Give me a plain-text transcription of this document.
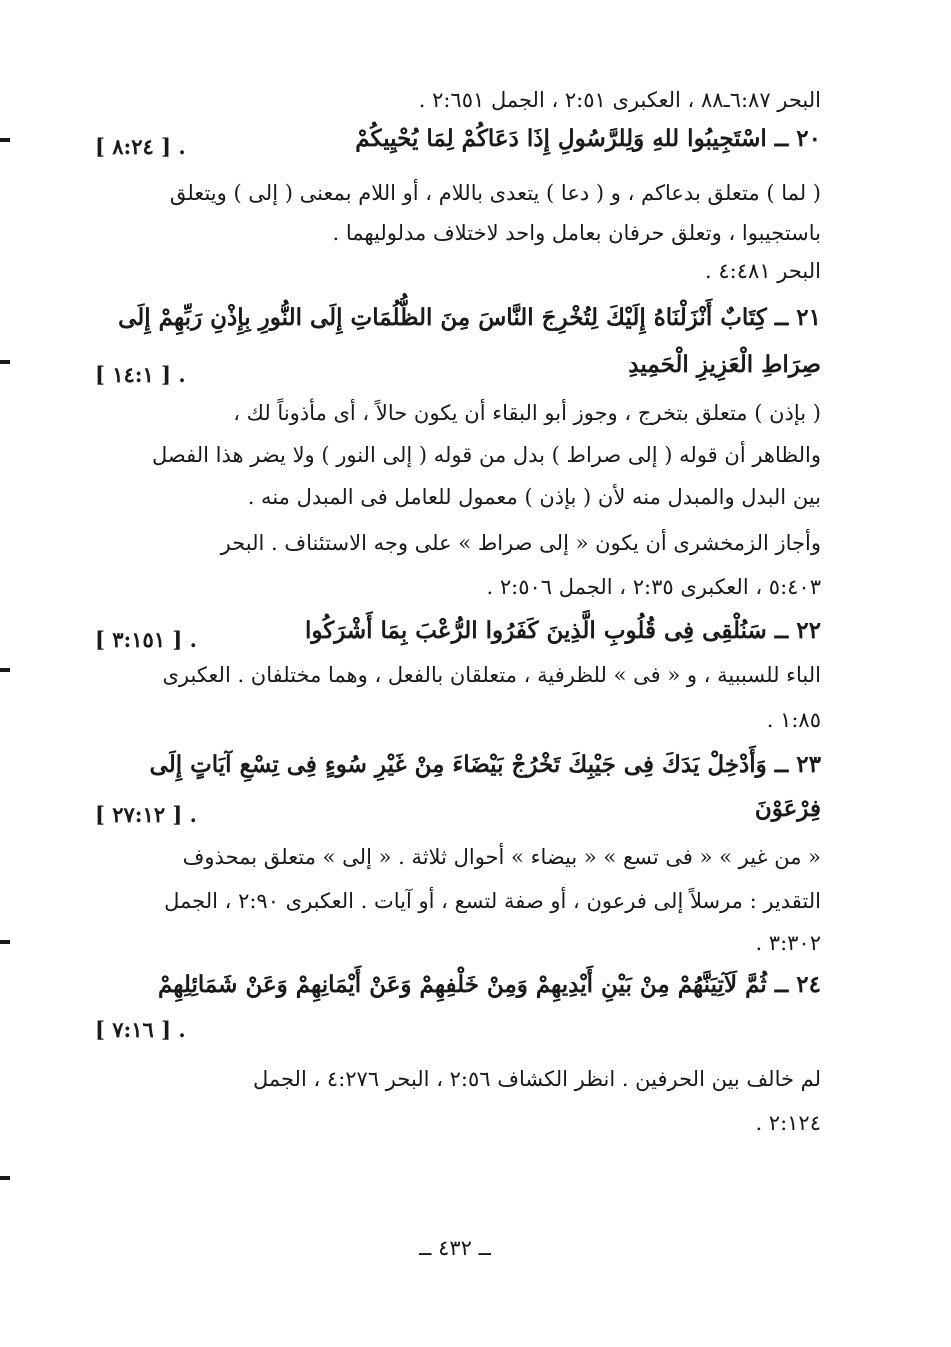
البحر ٦:٨٧ـ٨٨ ، العكبرى ٢:٥١ ، الجمل ٢:٦٥١ .
٢٠ ــ اسْتَجِيبُوا للهِ وَلِلرَّسُولِ إِذَا دَعَاكُمْ لِمَا يُحْيِيكُمْ
[ ٨:٢٤ ] .
( لما ) متعلق بدعاكم ، و ( دعا ) يتعدى باللام ، أو اللام بمعنى ( إلى ) ويتعلق
باستجيبوا ، وتعلق حرفان بعامل واحد لاختلاف مدلوليهما .
البحر ٤:٤٨١ .
٢١ ــ كِتَابٌ أَنْزَلْنَاهُ إِلَيْكَ لِتُخْرِجَ النَّاسَ مِنَ الظُّلُمَاتِ إِلَى النُّورِ بِإِذْنِ رَبِّهِمْ إِلَى
صِرَاطِ الْعَزِيزِ الْحَمِيدِ
[ ١٤:١ ] .
( بإذن ) متعلق بتخرج ، وجوز أبو البقاء أن يكون حالاً ، أى مأذوناً لك ،
والظاهر أن قوله ( إلى صراط ) بدل من قوله ( إلى النور ) ولا يضر هذا الفصل
بين البدل والمبدل منه لأن ( بإذن ) معمول للعامل فى المبدل منه .
وأجاز الزمخشرى أن يكون « إلى صراط » على وجه الاستئناف . البحر
٥:٤٠٣ ، العكبرى ٢:٣٥ ، الجمل ٢:٥٠٦ .
٢٢ ــ سَنُلْقِى فِى قُلُوبِ الَّذِينَ كَفَرُوا الرُّعْبَ بِمَا أَشْرَكُوا
[ ٣:١٥١ ] .
الباء للسببية ، و « فى » للظرفية ، متعلقان بالفعل ، وهما مختلفان . العكبرى
١:٨٥ .
٢٣ ــ وَأَدْخِلْ يَدَكَ فِى جَيْبِكَ تَخْرُجْ بَيْضَاءَ مِنْ غَيْرِ سُوءٍ فِى تِسْعِ آيَاتٍ إِلَى
فِرْعَوْنَ
[ ٢٧:١٢ ] .
« من غير » « فى تسع » « بيضاء » أحوال ثلاثة . « إلى » متعلق بمحذوف
التقدير : مرسلاً إلى فرعون ، أو صفة لتسع ، أو آيات . العكبرى ٢:٩٠ ، الجمل
٣:٣٠٢ .
٢٤ ــ ثُمَّ لَآتِيَنَّهُمْ مِنْ بَيْنِ أَيْدِيهِمْ وَمِنْ خَلْفِهِمْ وَعَنْ أَيْمَانِهِمْ وَعَنْ شَمَائِلِهِمْ
[ ٧:١٦ ] .
لم خالف بين الحرفين . انظر الكشاف ٢:٥٦ ، البحر ٤:٢٧٦ ، الجمل
٢:١٢٤ .
ــ ٤٣٢ ــ
